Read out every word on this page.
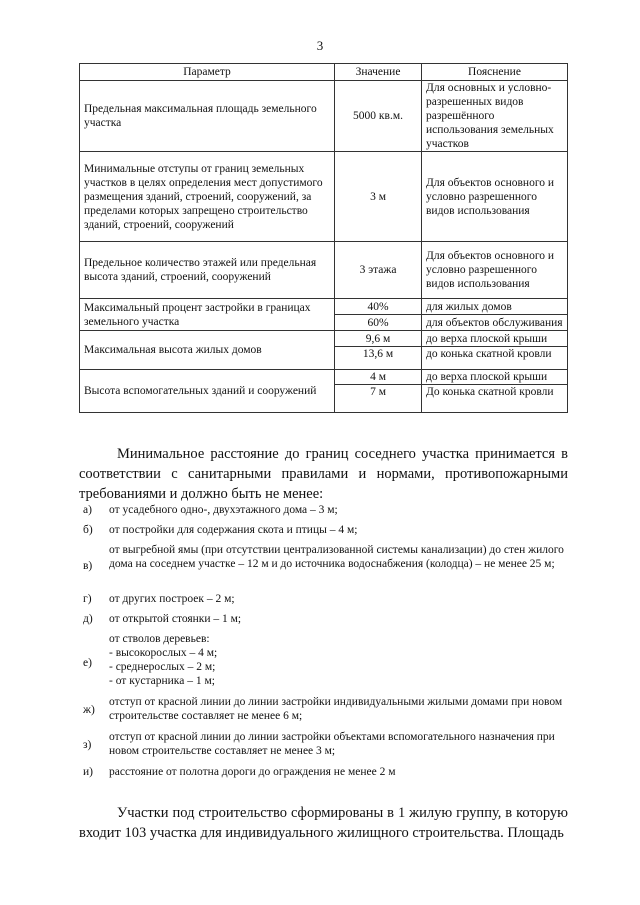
3
Параметр	Значение	Пояснение
Предельная максимальная площадь земельного участка	5000 кв.м.	Для основных и условно-разрешенных видов разрешённого использования земельных участков
Минимальные отступы от границ земельных участков в целях определения мест допустимого размещения зданий, строений, сооружений, за пределами которых запрещено строительство зданий, строений, сооружений	3 м	Для объектов основного и условно разрешенного видов использования
Предельное количество этажей или предельная высота зданий, строений, сооружений	3 этажа	Для объектов основного и условно разрешенного видов использования
Максимальный процент застройки в границах земельного участка	40%	для жилых домов
	60%	для объектов обслуживания
Максимальная высота жилых домов	9,6 м	до верха плоской крыши
	13,6 м	до конька скатной кровли
Высота вспомогательных зданий и сооружений	4 м	до верха плоской крыши
	7 м	До конька скатной кровли
Минимальное расстояние до границ соседнего участка принимается в соответствии с санитарными правилами и нормами, противопожарными требованиями и должно быть не менее:
а) от усадебного одно-, двухэтажного дома – 3 м;
б) от постройки для содержания скота и птицы – 4 м;
в)
от выгребной ямы (при отсутствии централизованной системы канализации) до стен жилого дома на соседнем участке – 12 м и до источника водоснабжения (колодца) – не менее 25 м;
г) от других построек – 2 м;
д) от открытой стоянки – 1 м;
е)
от стволов деревьев:
- высокорослых – 4 м;
- среднерослых – 2 м;
- от кустарника – 1 м;
ж)
отступ от красной линии до линии застройки индивидуальными жилыми домами при новом строительстве составляет не менее 6 м;
з)
отступ от красной линии до линии застройки объектами вспомогательного назначения при новом строительстве составляет не менее 3 м;
и) расстояние от полотна дороги до ограждения не менее 2 м
Участки под строительство сформированы в 1 жилую группу, в которую входит 103 участка для индивидуального жилищного строительства. Площадь
